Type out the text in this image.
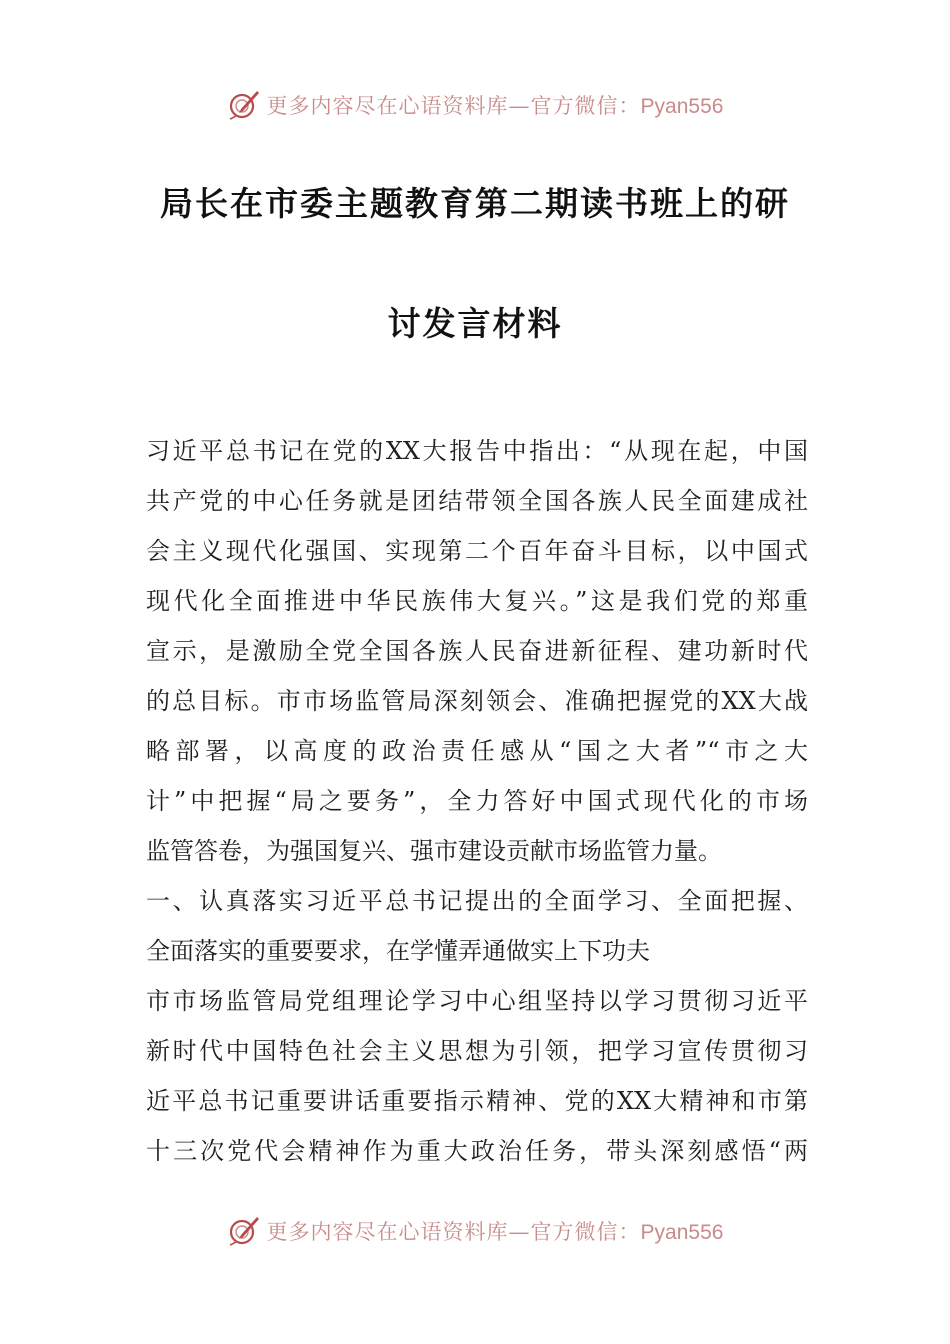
更多内容尽在心语资料库—官方微信：Pyan556
局长在市委主题教育第二期读书班上的研
讨发言材料
习近平总书记在党的XX大报告中指出：“从现在起，中国
共产党的中心任务就是团结带领全国各族人民全面建成社
会主义现代化强国、实现第二个百年奋斗目标，以中国式
现代化全面推进中华民族伟大复兴。”这是我们党的郑重
宣示，是激励全党全国各族人民奋进新征程、建功新时代
的总目标。市市场监管局深刻领会、准确把握党的XX大战
略部署，以高度的政治责任感从“国之大者”“市之大
计”中把握“局之要务”，全力答好中国式现代化的市场
监管答卷，为强国复兴、强市建设贡献市场监管力量。
一、认真落实习近平总书记提出的全面学习、全面把握、
全面落实的重要要求，在学懂弄通做实上下功夫
市市场监管局党组理论学习中心组坚持以学习贯彻习近平
新时代中国特色社会主义思想为引领，把学习宣传贯彻习
近平总书记重要讲话重要指示精神、党的XX大精神和市第
十三次党代会精神作为重大政治任务，带头深刻感悟“两
更多内容尽在心语资料库—官方微信：Pyan556
